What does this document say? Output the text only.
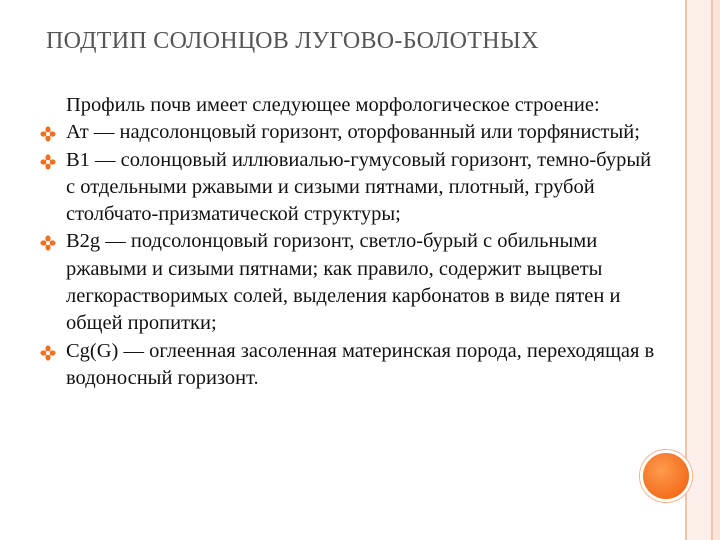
ПОДТИП СОЛОНЦОВ ЛУГОВО-БОЛОТНЫХ

Профиль почв имеет следующее морфологическое строение:

Ат — надсолонцовый горизонт, оторфованный или торфянистый;

B1 — солонцовый иллювиалью-гумусовый горизонт, темно-бурый с отдельными ржавыми и сизыми пятнами, плотный, грубой столбчато-призматической структуры;

B2g — подсолонцовый горизонт, светло-бурый с обильными ржавыми и сизыми пятнами; как правило, содержит выцветы легкорастворимых солей, выделения карбонатов в виде пятен и общей пропитки;

Cg(G) — оглеенная засоленная материнская порода, переходящая в водоносный горизонт.
